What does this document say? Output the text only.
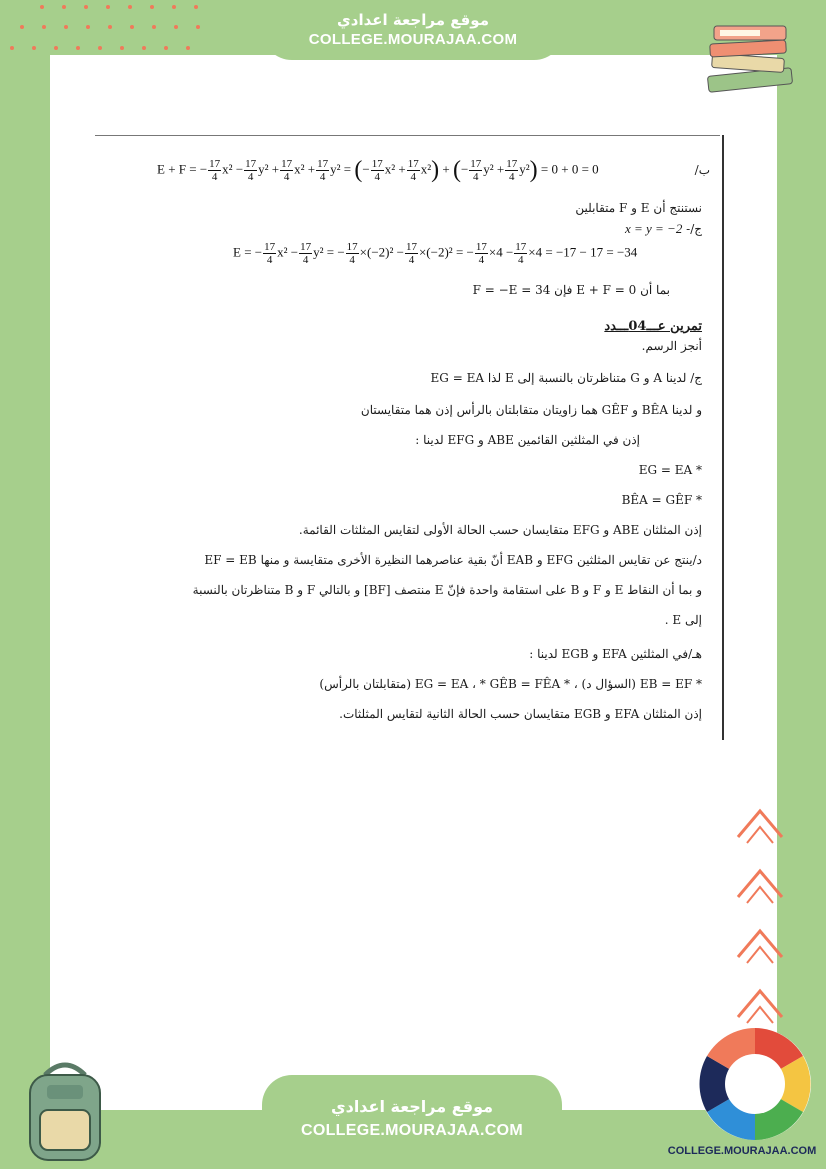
موقع مراجعة اعدادي
COLLEGE.MOURAJAA.COM
ب/
E + F = − $\frac{17}{4} x^2 - \frac{17}{4} y^2 + \frac{17}{4} x^2 + \frac{17}{4} y^2$ = (− $\frac{17}{4} x^2 + \frac{17}{4} x^2$) + (− $\frac{17}{4} y^2 + \frac{17}{4} y^2) = 0 + 0 = 0$
نستنتج أن E و F متقابلين
ج/- x = y = −2
E = − $\frac{17}{4} x^2 - \frac{17}{4} y^2$ = − $\frac{17}{4} \times(-2)^2 - \frac{17}{4} \times(-2)^2$ = − $\frac{17}{4} \times 4 - \frac{17}{4} \times 4 = -17 - 17 = -34$
بما أن E + F = 0 فإن F = −E = 34
تمرين عـــ04ـــدد
أنجز الرسم.
ج/ لدينا A و G متناظرتان بالنسبة إلى E لذا EG = EA
و لدينا BÊA و GÊF هما زاويتان متقابلتان بالرأس إذن هما متقايستان
إذن في المثلثين القائمين ABE و EFG لدينا :
* EG = EA
* BÊA = GÊF
إذن المثلثان ABE و EFG متقايسان حسب الحالة الأولى لتقايس المثلثات القائمة.
د/ينتج عن تقايس المثلثين EFG و EAB أنّ بقية عناصرهما النظيرة الأخرى متقايسة و منها EF = EB
و بما أن النقاط E و F و B على استقامة واحدة فإنّ E منتصف [BF] و بالتالي F و B متناظرتان بالنسبة
إلى E .
هـ/في المثلثين EFA و EGB لدينا :
* EB = EF (السؤال د) ، * EG = EA ، * GÊB = FÊA (متقابلتان بالرأس)
إذن المثلثان EFA و EGB متقايسان حسب الحالة الثانية لتقايس المثلثات.
موقع مراجعة اعدادي
COLLEGE.MOURAJAA.COM
COLLEGE.MOURAJAA.COM
